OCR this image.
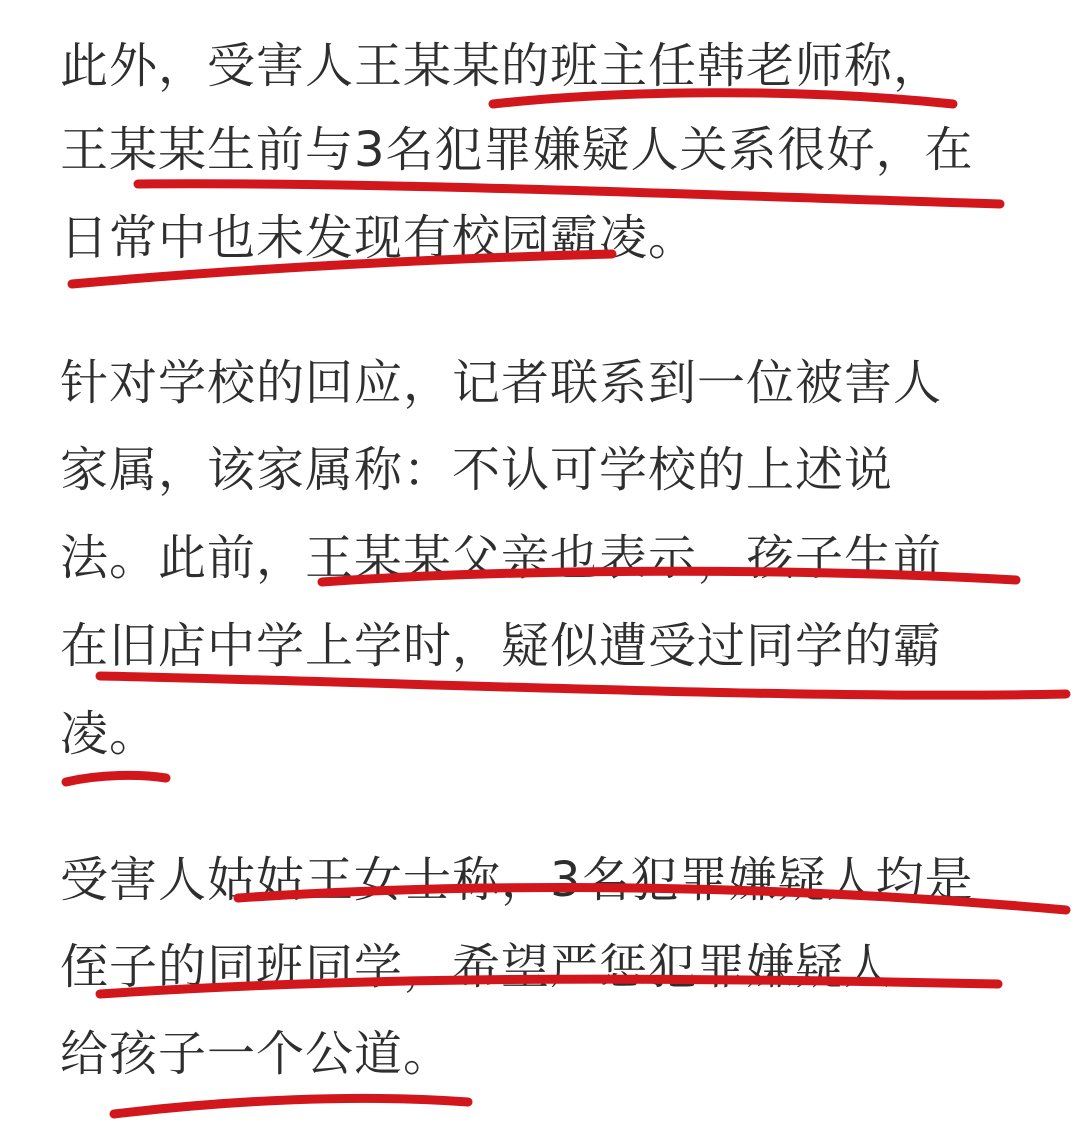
此外，受害人王某某的班主任韩老师称，
王某某生前与3名犯罪嫌疑人关系很好，在
日常中也未发现有校园霸凌。
针对学校的回应，记者联系到一位被害人
家属，该家属称：不认可学校的上述说
法。此前，王某某父亲也表示，孩子生前
在旧店中学上学时，疑似遭受过同学的霸
凌。
受害人姑姑王女士称，3名犯罪嫌疑人均是
侄子的同班同学，希望严惩犯罪嫌疑人
给孩子一个公道。
